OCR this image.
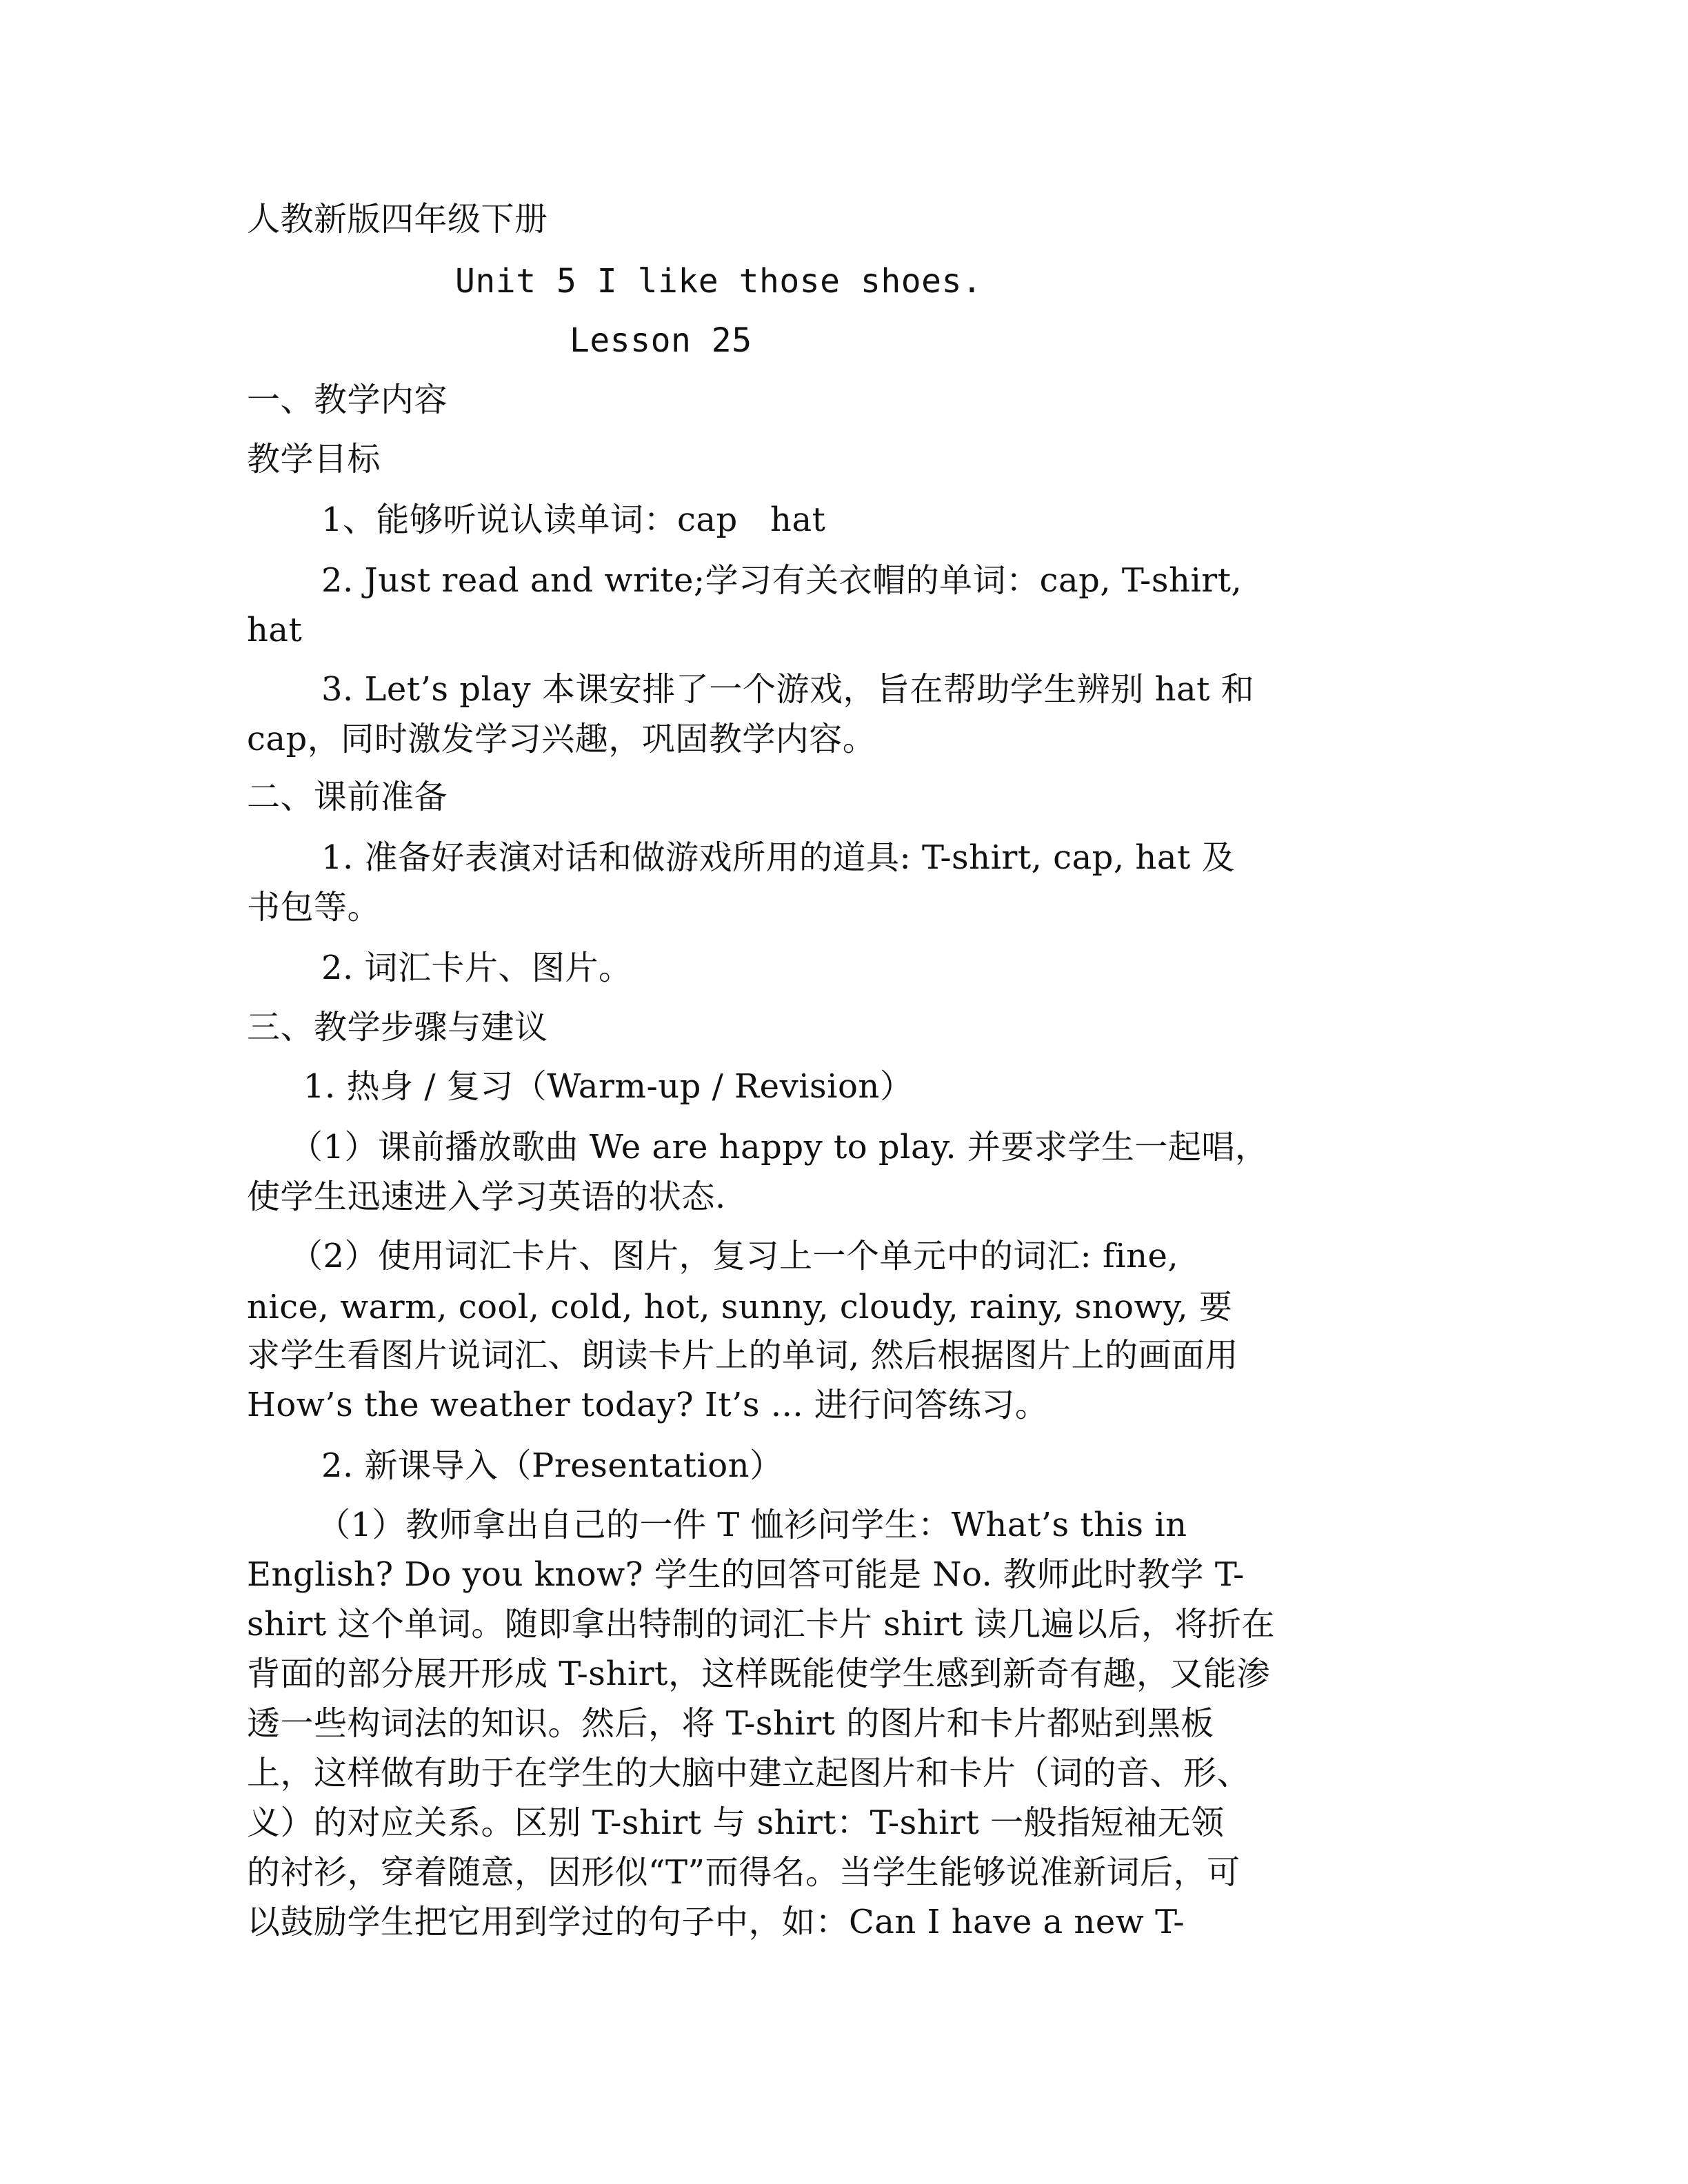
人教新版四年级下册
Unit 5 I like those shoes.
Lesson 25
一、教学内容
教学目标
1、能够听说认读单词：cap   hat
2. Just read and write;学习有关衣帽的单词：cap, T-shirt,
hat
3. Let’s play 本课安排了一个游戏，旨在帮助学生辨别 hat 和
cap，同时激发学习兴趣，巩固教学内容。
二、课前准备
1. 准备好表演对话和做游戏所用的道具: T-shirt, cap, hat 及
书包等。
2. 词汇卡片、图片。
三、教学步骤与建议
1. 热身 / 复习（Warm-up / Revision）
（1）课前播放歌曲 We are happy to play. 并要求学生一起唱，
使学生迅速进入学习英语的状态.
（2）使用词汇卡片、图片，复习上一个单元中的词汇: fine,
nice, warm, cool, cold, hot, sunny, cloudy, rainy, snowy, 要
求学生看图片说词汇、朗读卡片上的单词, 然后根据图片上的画面用
How’s the weather today? It’s ... 进行问答练习。
2. 新课导入（Presentation）
（1）教师拿出自己的一件 T 恤衫问学生：What’s this in
English? Do you know? 学生的回答可能是 No. 教师此时教学 T-
shirt 这个单词。随即拿出特制的词汇卡片 shirt 读几遍以后，将折在
背面的部分展开形成 T-shirt，这样既能使学生感到新奇有趣，又能渗
透一些构词法的知识。然后，将 T-shirt 的图片和卡片都贴到黑板
上，这样做有助于在学生的大脑中建立起图片和卡片（词的音、形、
义）的对应关系。区别 T-shirt 与 shirt：T-shirt 一般指短袖无领
的衬衫，穿着随意，因形似“T”而得名。当学生能够说准新词后，可
以鼓励学生把它用到学过的句子中，如：Can I have a new T-
